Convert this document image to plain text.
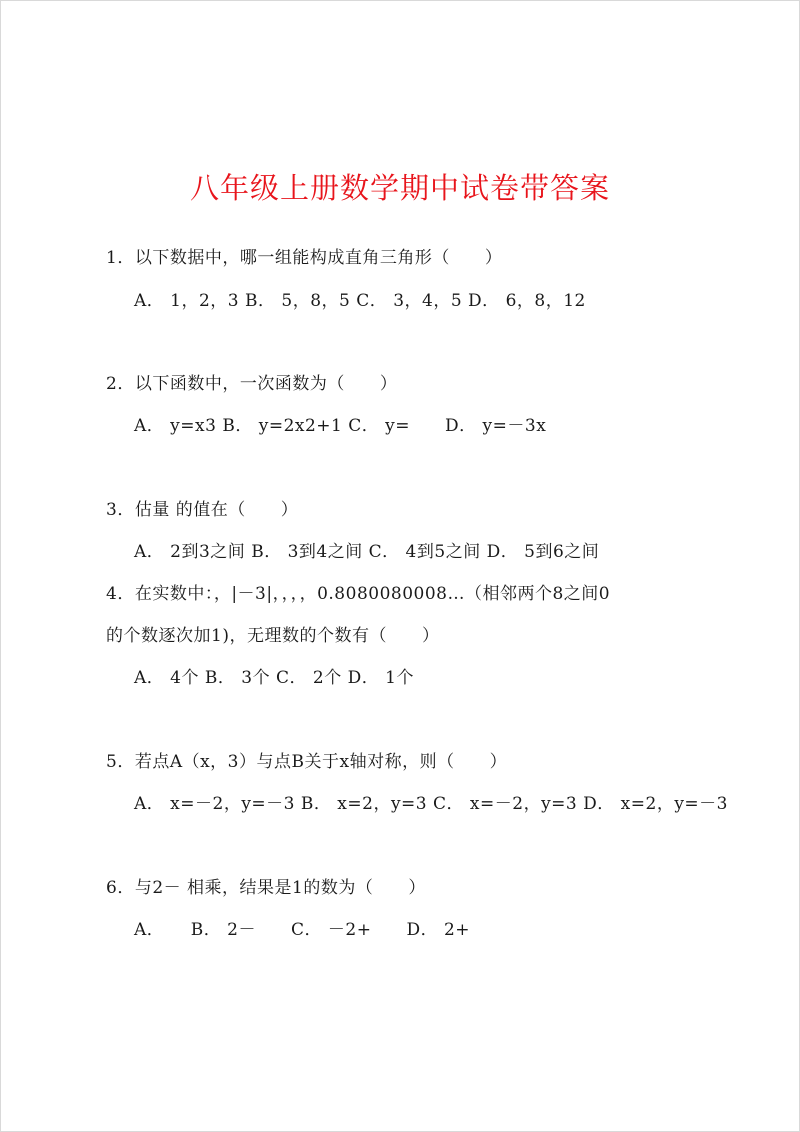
八年级上册数学期中试卷带答案
1．以下数据中，哪一组能构成直角三角形（　　）
A． 1，2，3 B． 5，8，5 C． 3，4，5 D． 6，8，12
2．以下函数中，一次函数为（　　）
A． y=x3 B． y=2x2+1 C． y=　　D． y=－3x
3．估量 的值在（　　）
A． 2到3之间 B． 3到4之间 C． 4到5之间 D． 5到6之间
4．在实数中：，|－3|，，，，0.8080080008…（相邻两个8之间0
的个数逐次加1)，无理数的个数有（　　）
A． 4个 B． 3个 C． 2个 D． 1个
5．若点A（x，3）与点B关于x轴对称，则（　　）
A． x=－2，y=－3 B． x=2，y=3 C． x=－2，y=3 D． x=2，y=－3
6．与2－ 相乘，结果是1的数为（　　）
A．　　B． 2－　　C． －2+　　D． 2+
